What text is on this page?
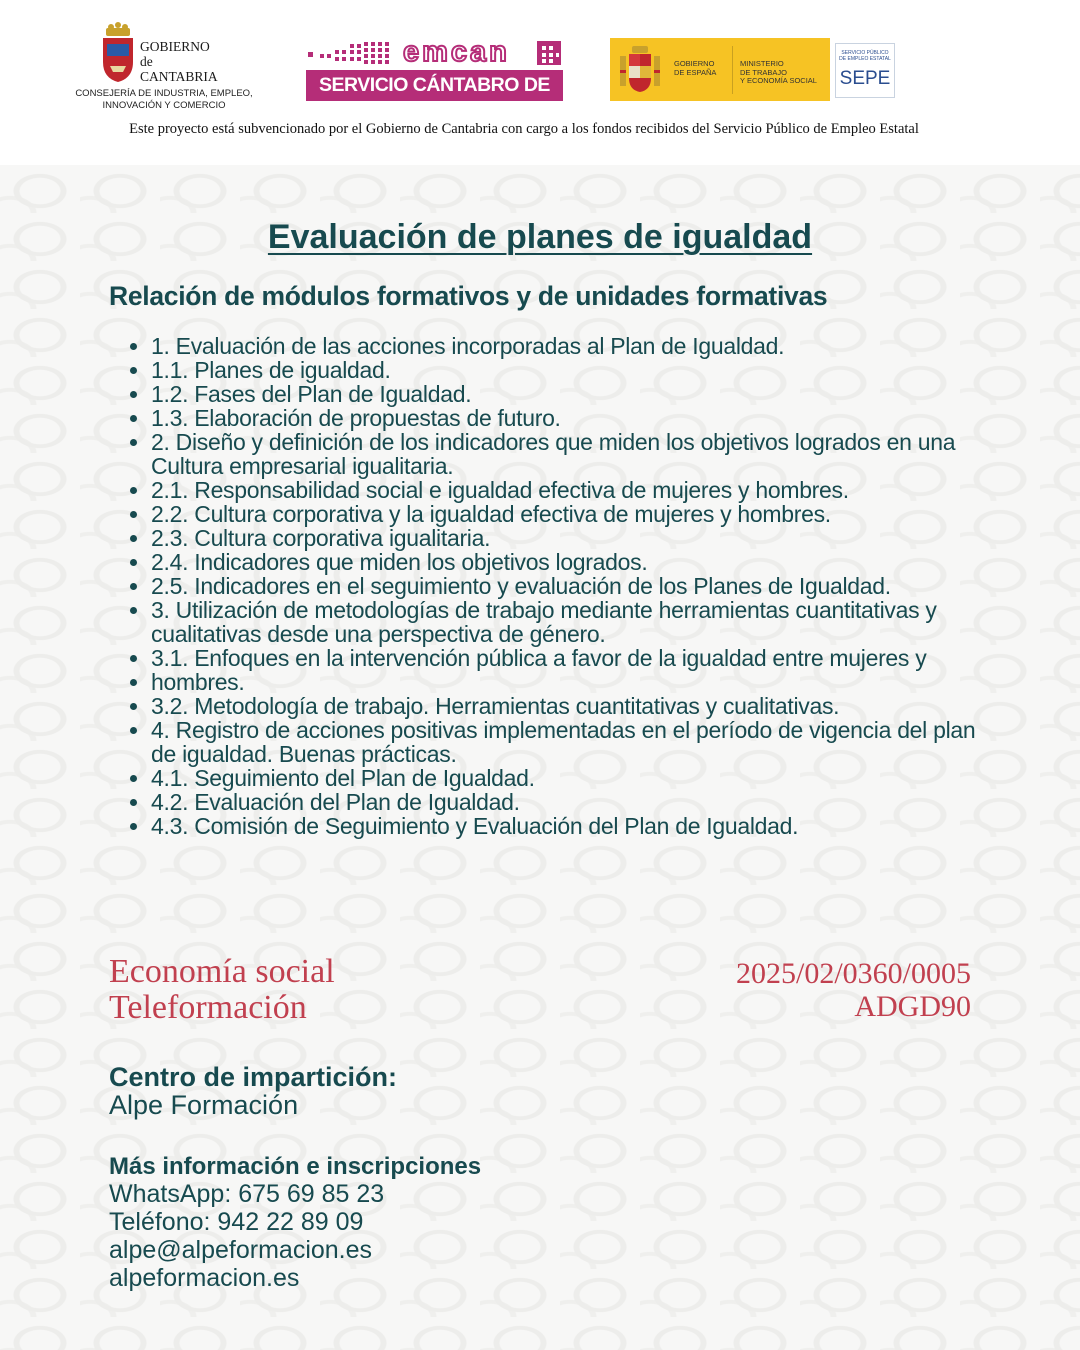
GOBIERNO
de
CANTABRIA
CONSEJERÍA DE INDUSTRIA, EMPLEO,
INNOVACIÓN Y COMERCIO
emcan
SERVICIO CÁNTABRO DE EMPLEO
GOBIERNO
DE ESPAÑA
MINISTERIO
DE TRABAJO
Y ECONOMÍA SOCIAL
SERVICIO PÚBLICO
DE EMPLEO ESTATAL
SEPE
Este proyecto está subvencionado por el Gobierno de Cantabria con cargo a los fondos recibidos del Servicio Público de Empleo Estatal
Evaluación de planes de igualdad
Relación de módulos formativos y de unidades formativas
• 1. Evaluación de las acciones incorporadas al Plan de Igualdad.
• 1.1. Planes de igualdad.
• 1.2. Fases del Plan de Igualdad.
• 1.3. Elaboración de propuestas de futuro.
• 2. Diseño y definición de los indicadores que miden los objetivos logrados en una Cultura empresarial igualitaria.
• 2.1. Responsabilidad social e igualdad efectiva de mujeres y hombres.
• 2.2. Cultura corporativa y la igualdad efectiva de mujeres y hombres.
• 2.3. Cultura corporativa igualitaria.
• 2.4. Indicadores que miden los objetivos logrados.
• 2.5. Indicadores en el seguimiento y evaluación de los Planes de Igualdad.
• 3. Utilización de metodologías de trabajo mediante herramientas cuantitativas y cualitativas desde una perspectiva de género.
• 3.1. Enfoques en la intervención pública a favor de la igualdad entre mujeres y
• hombres.
• 3.2. Metodología de trabajo. Herramientas cuantitativas y cualitativas.
• 4. Registro de acciones positivas implementadas en el período de vigencia del plan de igualdad. Buenas prácticas.
• 4.1. Seguimiento del Plan de Igualdad.
• 4.2. Evaluación del Plan de Igualdad.
• 4.3. Comisión de Seguimiento y Evaluación del Plan de Igualdad.
Economía social
Teleformación
2025/02/0360/0005
ADGD90
Centro de impartición:
Alpe Formación
Más información e inscripciones
WhatsApp: 675 69 85 23
Teléfono: 942 22 89 09
alpe@alpeformacion.es
alpeformacion.es
